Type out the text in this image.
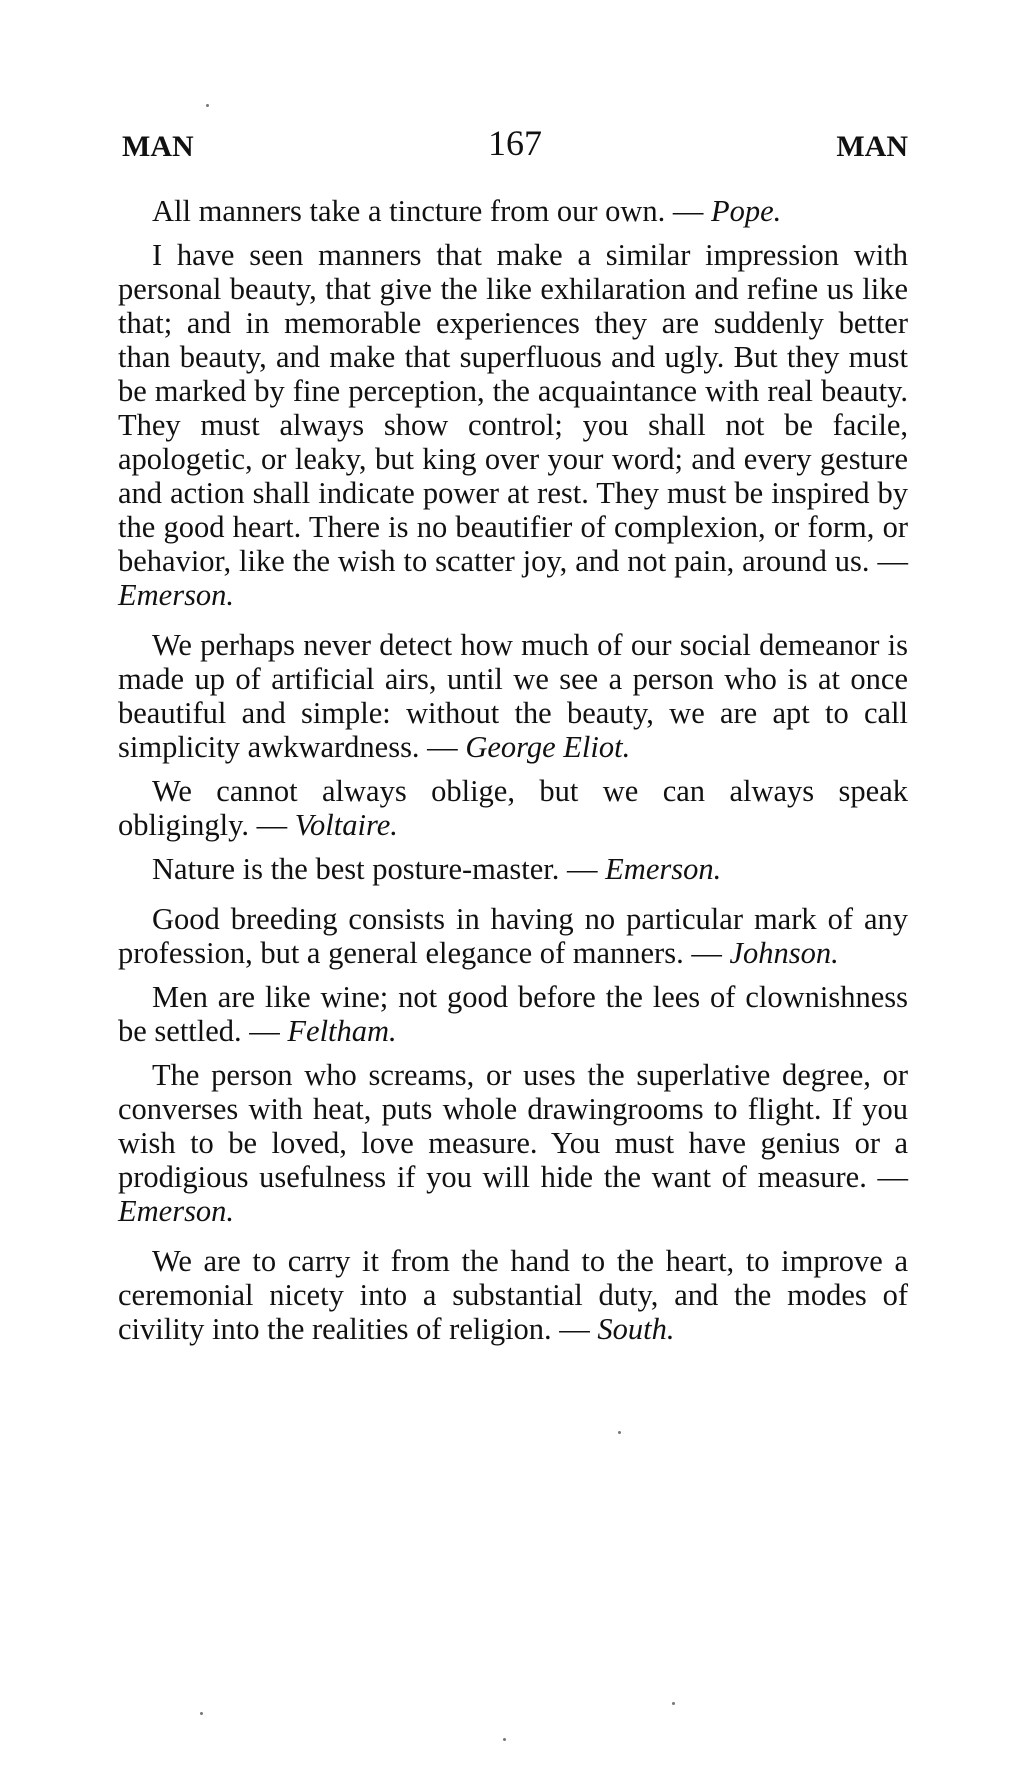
MAN	167	MAN

All manners take a tincture from our own. — Pope.

I have seen manners that make a similar impression with personal beauty, that give the like exhilaration and refine us like that; and in memorable experiences they are suddenly better than beauty, and make that superfluous and ugly. But they must be marked by fine perception, the acquaintance with real beauty. They must always show control; you shall not be facile, apologetic, or leaky, but king over your word; and every gesture and action shall indicate power at rest. They must be inspired by the good heart. There is no beautifier of complexion, or form, or behavior, like the wish to scatter joy, and not pain, around us. — Emerson.

We perhaps never detect how much of our social demeanor is made up of artificial airs, until we see a person who is at once beautiful and simple: without the beauty, we are apt to call simplicity awkwardness. — George Eliot.

We cannot always oblige, but we can always speak obligingly. — Voltaire.

Nature is the best posture-master. — Emerson.

Good breeding consists in having no particular mark of any profession, but a general elegance of manners. — Johnson.

Men are like wine; not good before the lees of clownishness be settled. — Feltham.

The person who screams, or uses the superlative degree, or converses with heat, puts whole drawingrooms to flight. If you wish to be loved, love measure. You must have genius or a prodigious usefulness if you will hide the want of measure. — Emerson.

We are to carry it from the hand to the heart, to improve a ceremonial nicety into a substantial duty, and the modes of civility into the realities of religion. — South.
